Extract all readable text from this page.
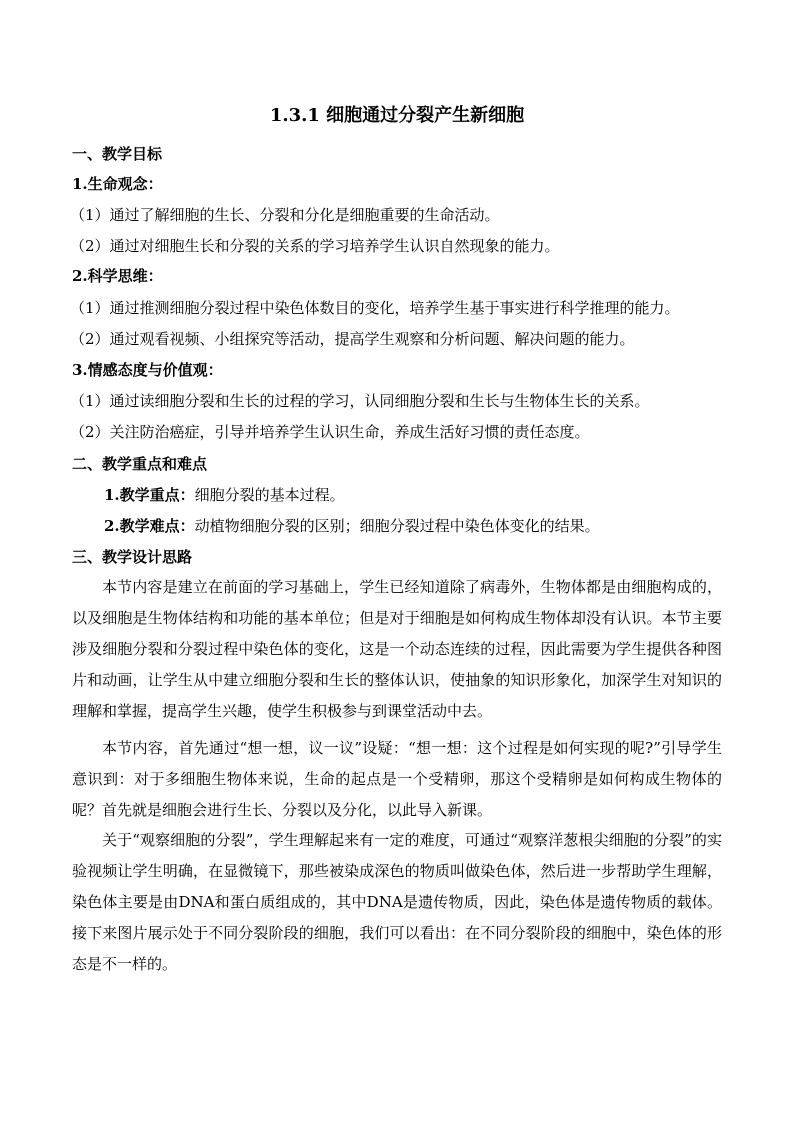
1.3.1 细胞通过分裂产生新细胞
一、教学目标
1.生命观念：
（1）通过了解细胞的生长、分裂和分化是细胞重要的生命活动。
（2）通过对细胞生长和分裂的关系的学习培养学生认识自然现象的能力。
2.科学思维：
（1）通过推测细胞分裂过程中染色体数目的变化，培养学生基于事实进行科学推理的能力。
（2）通过观看视频、小组探究等活动，提高学生观察和分析问题、解决问题的能力。
3.情感态度与价值观：
（1）通过读细胞分裂和生长的过程的学习，认同细胞分裂和生长与生物体生长的关系。
（2）关注防治癌症，引导并培养学生认识生命，养成生活好习惯的责任态度。
二、教学重点和难点
1.教学重点：细胞分裂的基本过程。
2.教学难点：动植物细胞分裂的区别；细胞分裂过程中染色体变化的结果。
三、教学设计思路
本节内容是建立在前面的学习基础上，学生已经知道除了病毒外，生物体都是由细胞构成的，以及细胞是生物体结构和功能的基本单位；但是对于细胞是如何构成生物体却没有认识。本节主要涉及细胞分裂和分裂过程中染色体的变化，这是一个动态连续的过程，因此需要为学生提供各种图片和动画，让学生从中建立细胞分裂和生长的整体认识，使抽象的知识形象化，加深学生对知识的理解和掌握，提高学生兴趣，使学生积极参与到课堂活动中去。
本节内容，首先通过“想一想，议一议”设疑：“想一想：这个过程是如何实现的呢?”引导学生意识到：对于多细胞生物体来说，生命的起点是一个受精卵，那这个受精卵是如何构成生物体的呢？首先就是细胞会进行生长、分裂以及分化，以此导入新课。
关于“观察细胞的分裂”，学生理解起来有一定的难度，可通过“观察洋葱根尖细胞的分裂”的实验视频让学生明确，在显微镜下，那些被染成深色的物质叫做染色体，然后进一步帮助学生理解，染色体主要是由DNA和蛋白质组成的，其中DNA是遗传物质，因此，染色体是遗传物质的载体。接下来图片展示处于不同分裂阶段的细胞，我们可以看出：在不同分裂阶段的细胞中，染色体的形态是不一样的。
